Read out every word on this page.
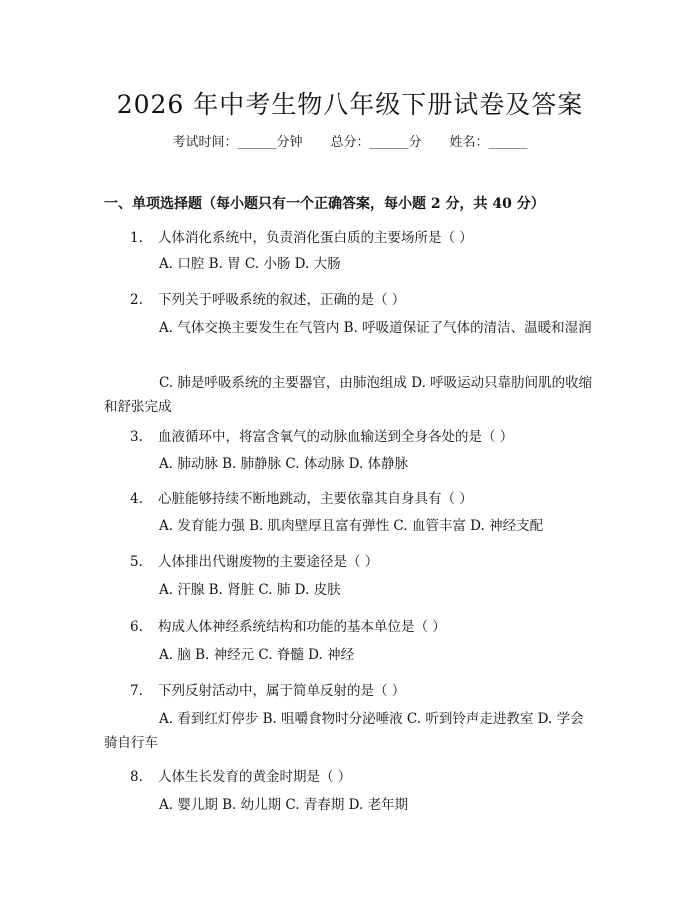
2026 年中考生物八年级下册试卷及答案
考试时间：______分钟 总分：______分 姓名：______
一、单项选择题（每小题只有一个正确答案，每小题 2 分，共 40 分）
1. 人体消化系统中，负责消化蛋白质的主要场所是（ ）
A. 口腔 B. 胃 C. 小肠 D. 大肠
2. 下列关于呼吸系统的叙述，正确的是（ ）
A. 气体交换主要发生在气管内 B. 呼吸道保证了气体的清洁、温暖和湿润
C. 肺是呼吸系统的主要器官，由肺泡组成 D. 呼吸运动只靠肋间肌的收缩和舒张完成
3. 血液循环中，将富含氧气的动脉血输送到全身各处的是（ ）
A. 肺动脉 B. 肺静脉 C. 体动脉 D. 体静脉
4. 心脏能够持续不断地跳动，主要依靠其自身具有（ ）
A. 发育能力强 B. 肌肉壁厚且富有弹性 C. 血管丰富 D. 神经支配
5. 人体排出代谢废物的主要途径是（ ）
A. 汗腺 B. 肾脏 C. 肺 D. 皮肤
6. 构成人体神经系统结构和功能的基本单位是（ ）
A. 脑 B. 神经元 C. 脊髓 D. 神经
7. 下列反射活动中，属于简单反射的是（ ）
A. 看到红灯停步 B. 咀嚼食物时分泌唾液 C. 听到铃声走进教室 D. 学会骑自行车
8. 人体生长发育的黄金时期是（ ）
A. 婴儿期 B. 幼儿期 C. 青春期 D. 老年期
